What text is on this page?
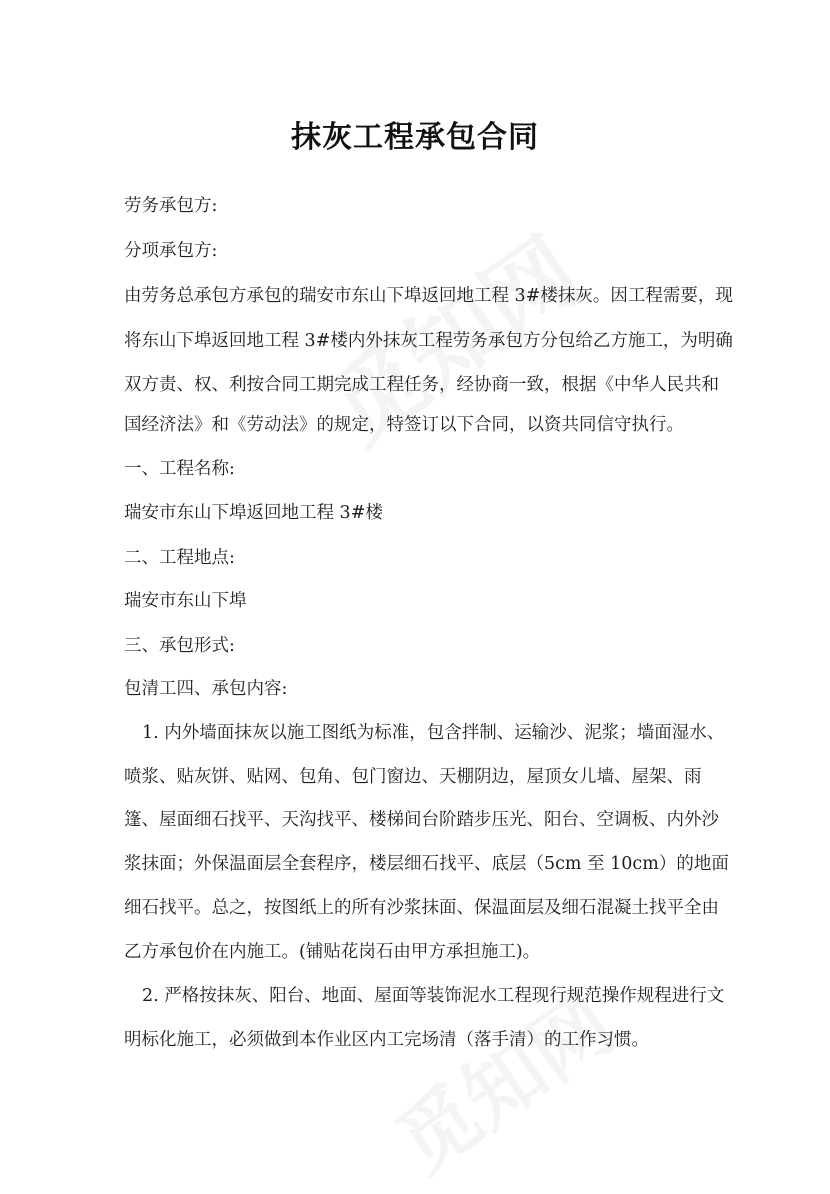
抹灰工程承包合同
劳务承包方:
分项承包方:
由劳务总承包方承包的瑞安市东山下埠返回地工程 3#楼抹灰。因工程需要，现
将东山下埠返回地工程 3#楼内外抹灰工程劳务承包方分包给乙方施工，为明确
双方责、权、利按合同工期完成工程任务，经协商一致，根据《中华人民共和
国经济法》和《劳动法》的规定，特签订以下合同，以资共同信守执行。
一、工程名称:
瑞安市东山下埠返回地工程 3#楼
二、工程地点:
瑞安市东山下埠
三、承包形式:
包清工四、承包内容:
1. 内外墙面抹灰以施工图纸为标准，包含拌制、运输沙、泥浆；墙面湿水、
喷浆、贴灰饼、贴网、包角、包门窗边、天棚阴边，屋顶女儿墙、屋架、雨
篷、屋面细石找平、天沟找平、楼梯间台阶踏步压光、阳台、空调板、内外沙
浆抹面；外保温面层全套程序，楼层细石找平、底层（5cm 至 10cm）的地面
细石找平。总之，按图纸上的所有沙浆抹面、保温面层及细石混凝土找平全由
乙方承包价在内施工。(铺贴花岗石由甲方承担施工)。
2. 严格按抹灰、阳台、地面、屋面等装饰泥水工程现行规范操作规程进行文
明标化施工，必须做到本作业区内工完场清（落手清）的工作习惯。
